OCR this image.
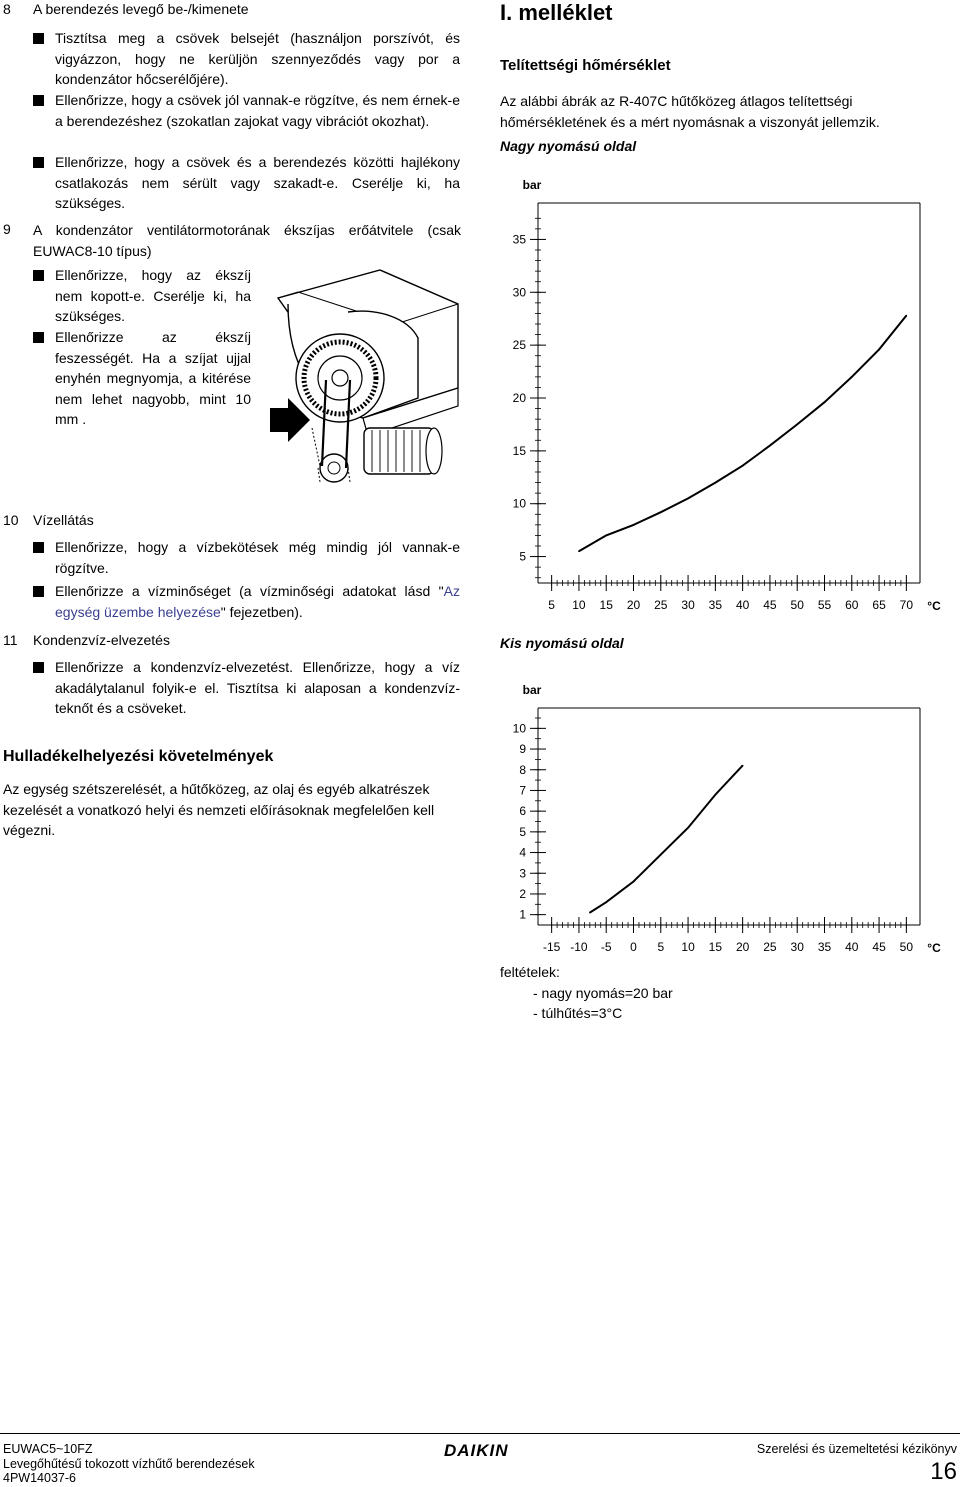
8 A berendezés levegő be-/kimenete
Tisztítsa meg a csövek belsejét (használjon porszívót, és vigyázzon, hogy ne kerüljön szennyeződés vagy por a kondenzátor hőcserélőjére).
Ellenőrizze, hogy a csövek jól vannak-e rögzítve, és nem érnek-e a berendezéshez (szokatlan zajokat vagy vibrációt okozhat).
Ellenőrizze, hogy a csövek és a berendezés közötti hajlékony csatlakozás nem sérült vagy szakadt-e. Cserélje ki, ha szükséges.
9 A kondenzátor ventilátormotorának ékszíjas erőátvitele (csak EUWAC8-10 típus)
Ellenőrizze, hogy az ékszíj nem kopott-e. Cserélje ki, ha szükséges.
Ellenőrizze az ékszíj feszességét. Ha a szíjat ujjal enyhén megnyomja, a kitérése nem lehet nagyobb, mint 10 mm .
10 Vízellátás
Ellenőrizze, hogy a vízbekötések még mindig jól vannak-e rögzítve.
Ellenőrizze a vízminőséget (a vízminőségi adatokat lásd "Az egység üzembe helyezése" fejezetben).
11 Kondenzvíz-elvezetés
Ellenőrizze a kondenzvíz-elvezetést. Ellenőrizze, hogy a víz akadálytalanul folyik-e el. Tisztítsa ki alaposan a kondenzvíz-teknőt és a csöveket.
Hulladékelhelyezési követelmények
Az egység szétszerelését, a hűtőközeg, az olaj és egyéb alkatrészek kezelését a vonatkozó helyi és nemzeti előírásoknak megfelelően kell végezni.
I. melléklet
Telítettségi hőmérséklet
Az alábbi ábrák az R-407C hűtőközeg átlagos telítettségi hőmérsékletének és a mért nyomásnak a viszonyát jellemzik.
Nagy nyomású oldal
35
30
25
20
15
10
5
5 10 15 20 25 30 35 40 45 50 55 60 65 70
bar
°C
Kis nyomású oldal
10
9
8
7
6
5
4
3
2
1
-15 -10 -5 0 5 10 15 20 25 30 35 40 45 50
bar
°C
feltételek:
- nagy nyomás=20 bar
- túlhűtés=3°C
EUWAC5~10FZ
Levegőhűtésű tokozott vízhűtő berendezések
4PW14037-6
DAIKIN	Szerelési és üzemeltetési kézikönyv
16
